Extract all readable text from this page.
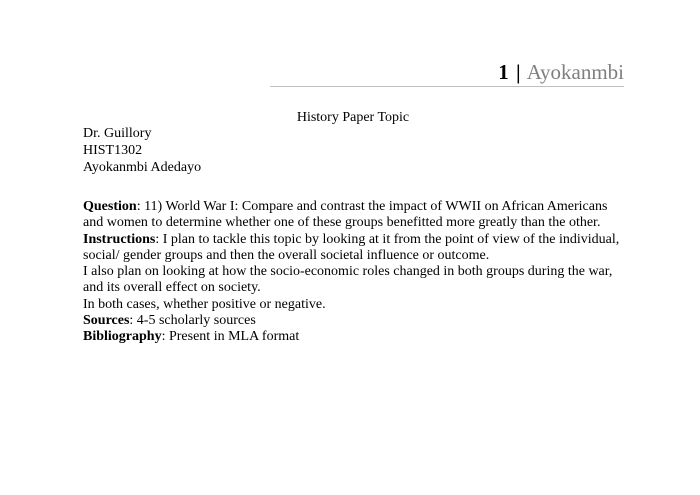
1 | Ayokanmbi
History Paper Topic
Dr. Guillory
HIST1302
Ayokanmbi Adedayo

Question: 11) World War I: Compare and contrast the impact of WWII on African Americans and women to determine whether one of these groups benefitted more greatly than the other.

Instructions: I plan to tackle this topic by looking at it from the point of view of the individual, social/ gender groups and then the overall societal influence or outcome.

I also plan on looking at how the socio-economic roles changed in both groups during the war, and its overall effect on society.

In both cases, whether positive or negative.

Sources: 4-5 scholarly sources

Bibliography: Present in MLA format
